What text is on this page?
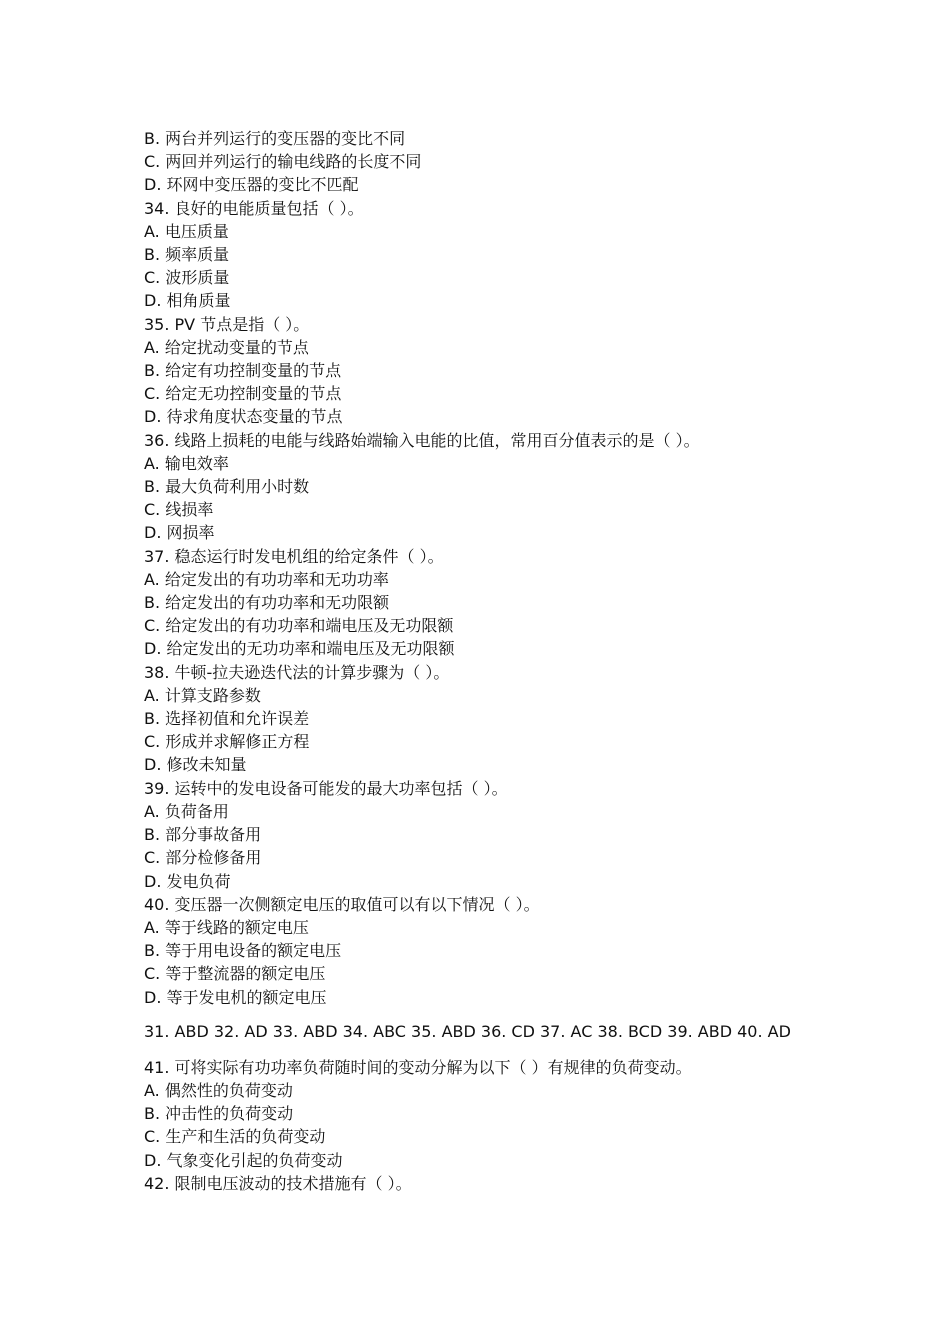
B. 两台并列运行的变压器的变比不同
C. 两回并列运行的输电线路的长度不同
D. 环网中变压器的变比不匹配
34. 良好的电能质量包括（ ）。
A. 电压质量
B. 频率质量
C. 波形质量
D. 相角质量
35. PV 节点是指（ ）。
A. 给定扰动变量的节点
B. 给定有功控制变量的节点
C. 给定无功控制变量的节点
D. 待求角度状态变量的节点
36. 线路上损耗的电能与线路始端输入电能的比值，常用百分值表示的是（ ）。
A. 输电效率
B. 最大负荷利用小时数
C. 线损率
D. 网损率
37. 稳态运行时发电机组的给定条件（ ）。
A. 给定发出的有功功率和无功功率
B. 给定发出的有功功率和无功限额
C. 给定发出的有功功率和端电压及无功限额
D. 给定发出的无功功率和端电压及无功限额
38. 牛顿-拉夫逊迭代法的计算步骤为（ ）。
A. 计算支路参数
B. 选择初值和允许误差
C. 形成并求解修正方程
D. 修改未知量
39. 运转中的发电设备可能发的最大功率包括（ ）。
A. 负荷备用
B. 部分事故备用
C. 部分检修备用
D. 发电负荷
40. 变压器一次侧额定电压的取值可以有以下情况（ ）。
A. 等于线路的额定电压
B. 等于用电设备的额定电压
C. 等于整流器的额定电压
D. 等于发电机的额定电压
31. ABD 32. AD 33. ABD 34. ABC 35. ABD 36. CD 37. AC 38. BCD 39. ABD 40. AD
41. 可将实际有功功率负荷随时间的变动分解为以下（ ）有规律的负荷变动。
A. 偶然性的负荷变动
B. 冲击性的负荷变动
C. 生产和生活的负荷变动
D. 气象变化引起的负荷变动
42. 限制电压波动的技术措施有（ ）。
